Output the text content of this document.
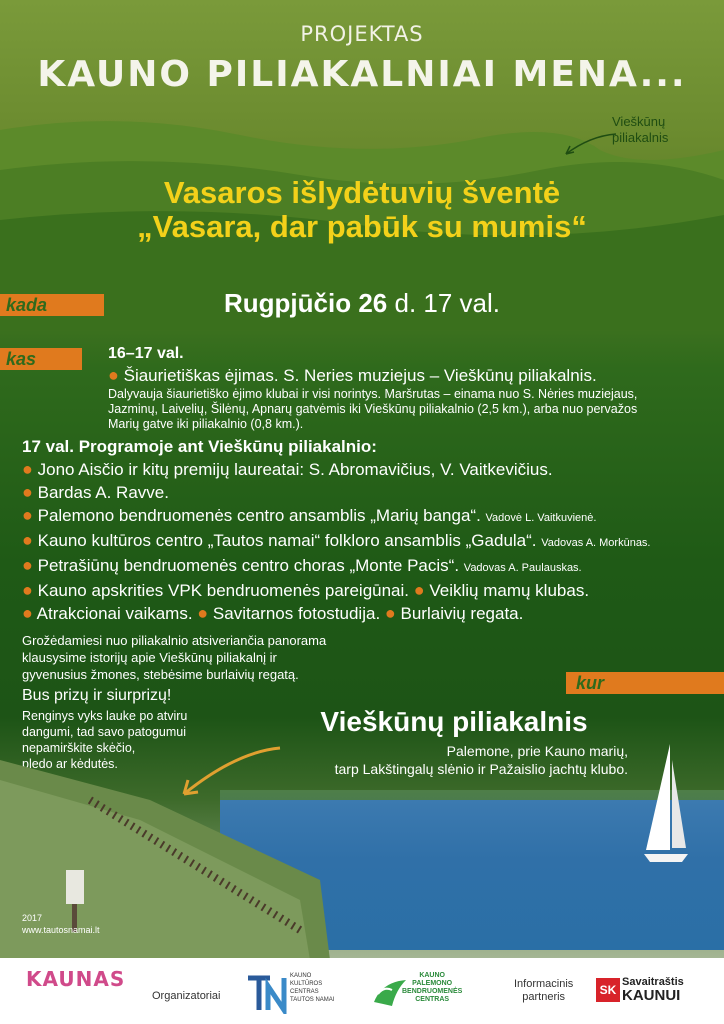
PROJEKTAS

KAUNO PILIAKALNIAI MENA...

Vieškūnų
piliakalnis
Vasaros išlydėtuvių šventė
„Vasara, dar pabūk su mumis“
kada	Rugpjūčio 26 d. 17 val.

kas	16–17 val.
● Šiaurietiškas ėjimas. S. Neries muziejus – Vieškūnų piliakalnis.
Dalyvauja šiaurietiško ėjimo klubai ir visi norintys. Maršrutas – einama nuo S. Nėries muziejaus,
Jazminų, Laivelių, Šilėnų, Apnarų gatvėmis iki Vieškūnų piliakalnio (2,5 km.), arba nuo pervažos
Marių gatve iki piliakalnio (0,8 km.).
17 val. Programoje ant Vieškūnų piliakalnio:
● Jono Aisčio ir kitų premijų laureatai: S. Abromavičius, V. Vaitkevičius.
● Bardas A. Ravve.
● Palemono bendruomenės centro ansamblis „Marių banga“. Vadovė L. Vaitkuvienė.
● Kauno kultūros centro „Tautos namai“ folkloro ansamblis „Gadula“. Vadovas A. Morkūnas.
● Petrašiūnų bendruomenės centro choras „Monte Pacis“. Vadovas A. Paulauskas.
● Kauno apskrities VPK bendruomenės pareigūnai. ● Veiklių mamų klubas.
● Atrakcionai vaikams. ● Savitarnos fotostudija. ● Burlaivių regata.
Grožėdamiesi nuo piliakalnio atsiveriančia panorama
klausysime istorijų apie Vieškūnų piliakalnį ir
gyvenusius žmones, stebėsime burlaivių regatą.
Bus prizų ir siurprizų!
Renginys vyks lauke po atviru
dangumi, tad savo patogumui
nepamirškite skėčio,
pledo ar kėdutės.
kur
Vieškūnų piliakalnis
Palemone, prie Kauno marių,
tarp Lakštingalų slėnio ir Pažaislio jachtų klubo.
2017
www.tautosnamai.lt
KAUNAS
Organizatoriai
KAUNO
KULTŪROS
CENTRAS
TAUTOS NAMAI
KAUNO
PALEMONO
BENDRUOMENĖS
CENTRAS
Informacinis
partneris	SK
Savaitraštis
KAUNUI
